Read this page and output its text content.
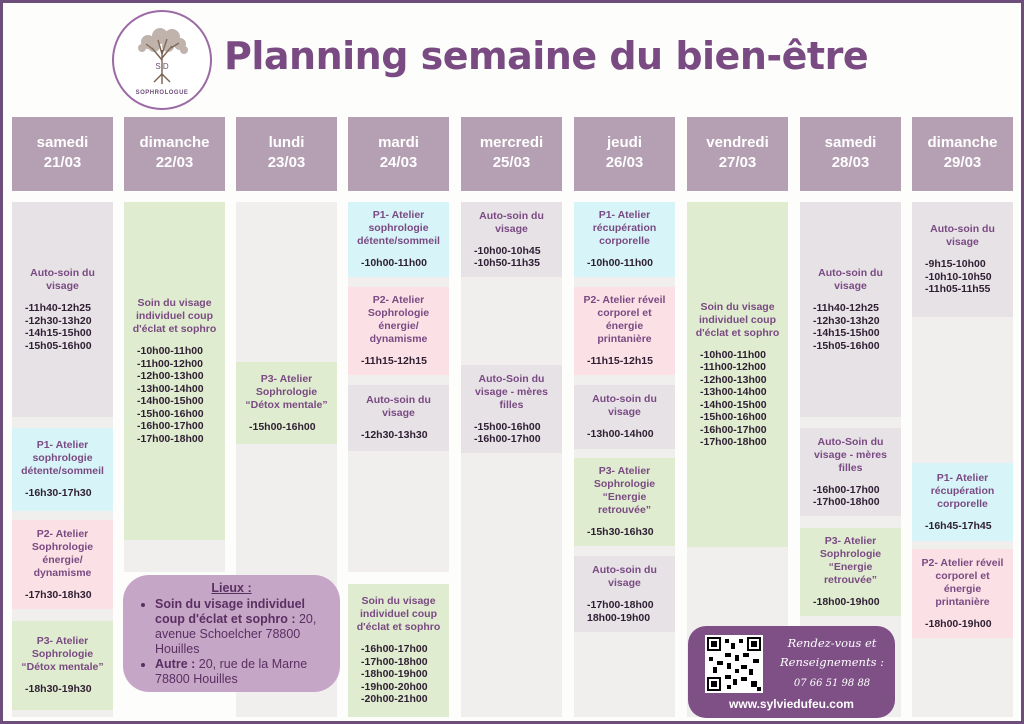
S D
SOPHROLOGUE
Planning semaine du bien-être
samedi
21/03
dimanche
22/03
lundi
23/03
mardi
24/03
mercredi
25/03
jeudi
26/03
vendredi
27/03
samedi
28/03
dimanche
29/03
Auto-soin du visage
-11h40-12h25
-12h30-13h20
-14h15-15h00
-15h05-16h00
P1- Atelier sophrologie détente/sommeil
-16h30-17h30
P2- Atelier Sophrologie énergie/ dynamisme
-17h30-18h30
P3- Atelier Sophrologie “Détox mentale”
-18h30-19h30
Soin du visage individuel coup d'éclat et sophro
-10h00-11h00
-11h00-12h00
-12h00-13h00
-13h00-14h00
-14h00-15h00
-15h00-16h00
-16h00-17h00
-17h00-18h00
P3- Atelier Sophrologie “Détox mentale”
-15h00-16h00
P1- Atelier sophrologie détente/sommeil
-10h00-11h00
P2- Atelier Sophrologie énergie/ dynamisme
-11h15-12h15
Auto-soin du visage
-12h30-13h30
Soin du visage individuel coup d'éclat et sophro
-16h00-17h00
-17h00-18h00
-18h00-19h00
-19h00-20h00
-20h00-21h00
Auto-soin du visage
-10h00-10h45
-10h50-11h35
Auto-Soin du visage - mères filles
-15h00-16h00
-16h00-17h00
P1- Atelier récupération corporelle
-10h00-11h00
P2- Atelier réveil corporel et énergie printanière
-11h15-12h15
Auto-soin du visage
-13h00-14h00
P3- Atelier Sophrologie “Energie retrouvée”
-15h30-16h30
Auto-soin du visage
-17h00-18h00
18h00-19h00
Soin du visage individuel coup d'éclat et sophro
-10h00-11h00
-11h00-12h00
-12h00-13h00
-13h00-14h00
-14h00-15h00
-15h00-16h00
-16h00-17h00
-17h00-18h00
Auto-soin du visage
-11h40-12h25
-12h30-13h20
-14h15-15h00
-15h05-16h00
Auto-Soin du visage - mères filles
-16h00-17h00
-17h00-18h00
P3- Atelier Sophrologie “Energie retrouvée”
-18h00-19h00
Auto-soin du visage
-9h15-10h00
-10h10-10h50
-11h05-11h55
P1- Atelier récupération corporelle
-16h45-17h45
P2- Atelier réveil corporel et énergie printanière
-18h00-19h00
Lieux :
• Soin du visage individuel coup d'éclat et sophro : 20, avenue Schoelcher 78800 Houilles
• Autre : 20, rue de la Marne 78800 Houilles
Rendez-vous et
Renseignements :
07 66 51 98 88
www.sylviedufeu.com
